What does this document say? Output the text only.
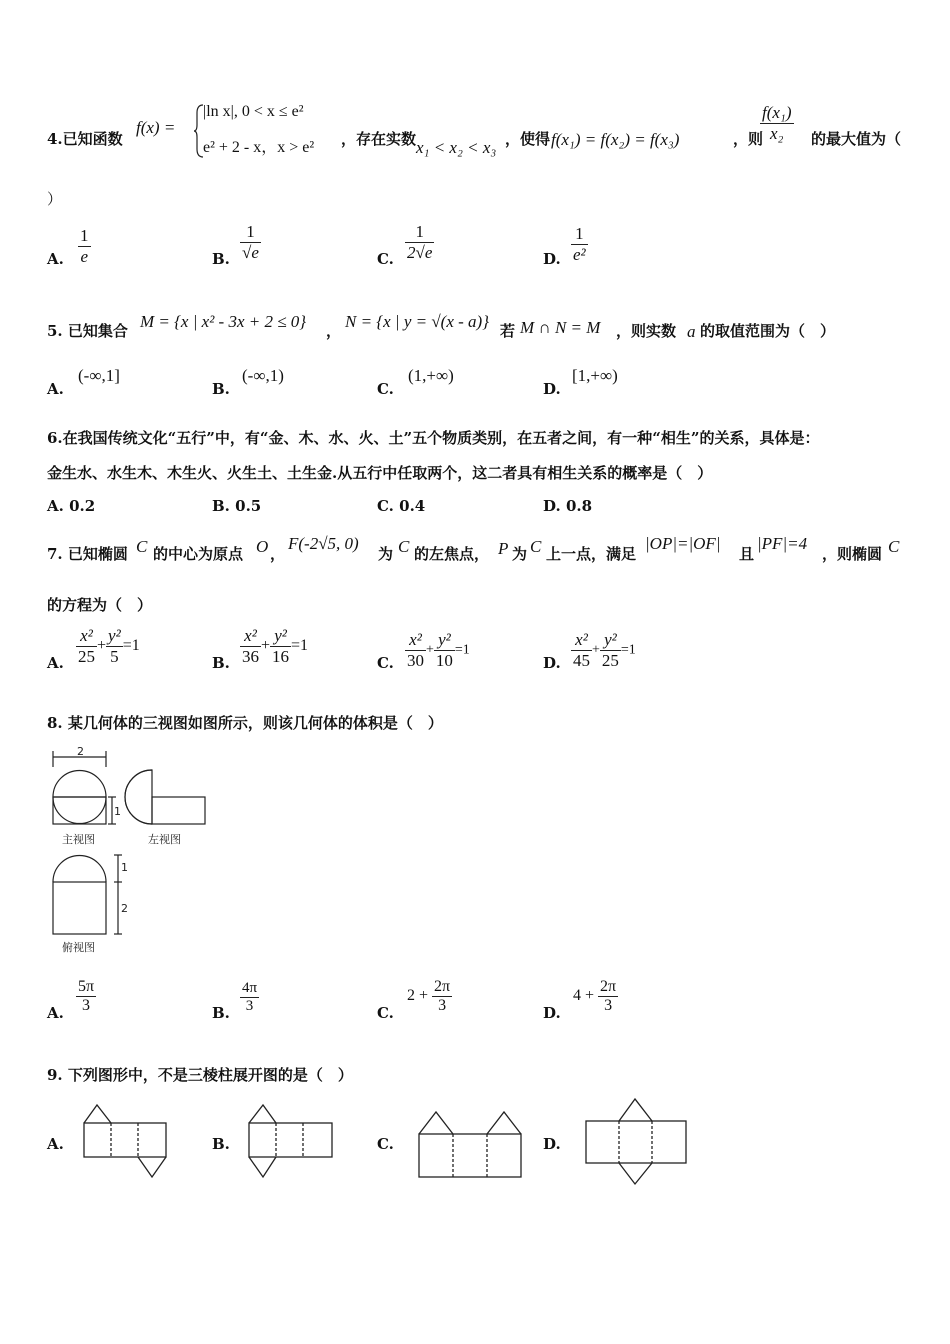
4.已知函数
f(x) =
|ln x|, 0 < x ≤ e²
e² + 2 - x，x > e² ，存在实数 x₁ < x₂ < x₃ ，使得 f(x₁) = f(x₂) = f(x₃)	，则
$\frac{\text{f(x₁)}}{\text{x₂}}$ 的最大值为（
）
A. $\frac{1}{e}$	B. $\frac{1}{√e}$	C. $\frac{1}{2√e}$	D. $\frac{1}{\text{e²}}$
5. 已知集合 M = {x | x² - 3x + 2 ≤ 0} ， N = {x | y = √(x - a)} 若 M ∩ N = M ，则实数 a 的取值范围为（　）
A.
(-∞,1]
B.
(-∞,1)
C.
(1,+∞)
D.
[1,+∞)
6.在我国传统文化“五行”中，有“金、木、水、火、土”五个物质类别，在五者之间，有一种“相生”的关系，具体是：
金生水、水生木、木生火、火生土、土生金.从五行中任取两个，这二者具有相生关系的概率是（　）
A. 0.2	B. 0.5	C. 0.4	D. 0.8
7. 已知椭圆 C 的中心为原点 O ，
F(-2√5, 0)
为 C 的左焦点， P 为 C 上一点，满足
|OP|=|OF|
且
|PF|=4
，则椭圆 C
的方程为（　）
A. $\frac{\text{x²}}{25} + \frac{\text{y²}}{5} =1$
B. $\frac{\text{x²}}{36} + \frac{\text{y²}}{16} =1$
C. $\frac{\text{x²}}{30} + \frac{\text{y²}}{10} =1$
D. $\frac{\text{x²}}{45} + \frac{\text{y²}}{25} =1$
8. 某几何体的三视图如图所示，则该几何体的体积是（　）
2
1
1
2
主视图	左视图
俯视图
A. $\frac{5\pi}{3}$	B. $\frac{4\pi}{3}$	C.
$2 + \frac{2\pi}{3}$	D.
$4 + \frac{2\pi}{3}$
9. 下列图形中，不是三棱柱展开图的是（　）
A.	B.	C.	D.
